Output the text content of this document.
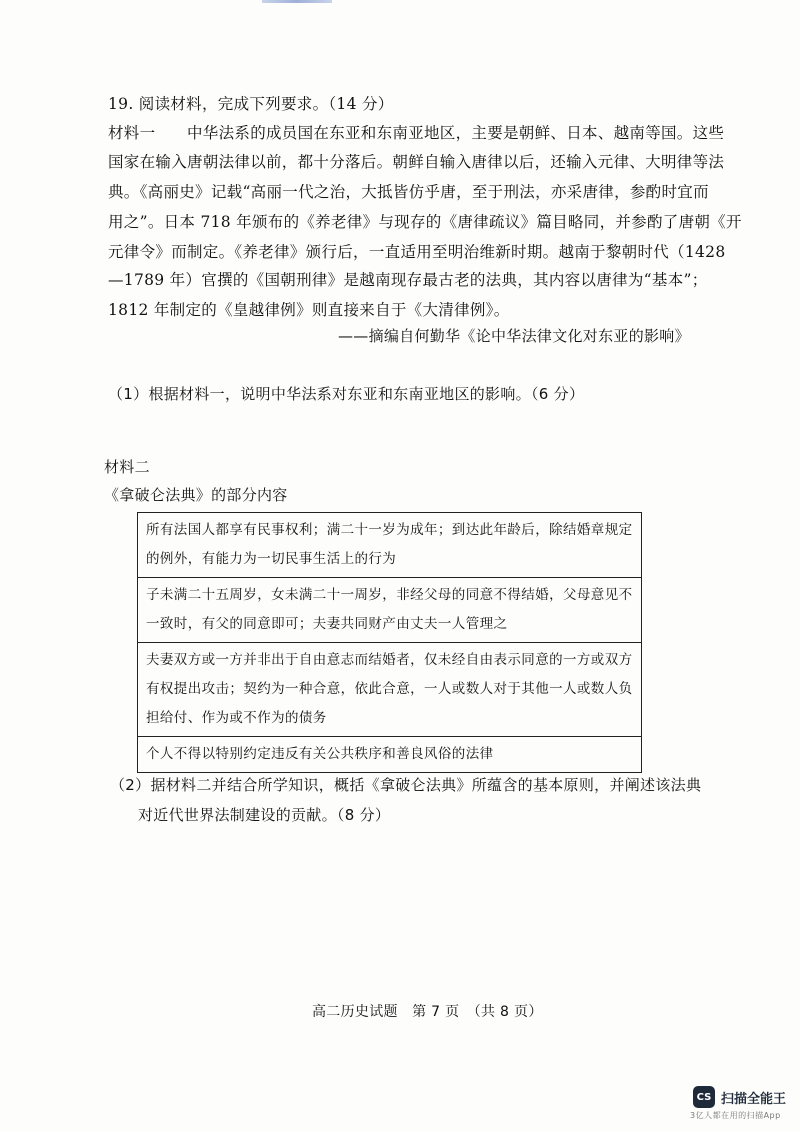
19. 阅读材料，完成下列要求。（14 分）
材料一　　中华法系的成员国在东亚和东南亚地区，主要是朝鲜、日本、越南等国。这些
国家在输入唐朝法律以前，都十分落后。朝鲜自输入唐律以后，还输入元律、大明律等法
典。《高丽史》记载“高丽一代之治，大抵皆仿乎唐，至于刑法，亦采唐律，参酌时宜而
用之”。日本 718 年颁布的《养老律》与现存的《唐律疏议》篇目略同，并参酌了唐朝《开
元律令》而制定。《养老律》颁行后，一直适用至明治维新时期。越南于黎朝时代（1428
—1789 年）官撰的《国朝刑律》是越南现存最古老的法典，其内容以唐律为“基本”；
1812 年制定的《皇越律例》则直接来自于《大清律例》。
——摘编自何勤华《论中华法律文化对东亚的影响》
（1）根据材料一，说明中华法系对东亚和东南亚地区的影响。（6 分）
材料二
《拿破仑法典》的部分内容
所有法国人都享有民事权利；满二十一岁为成年；到达此年龄后，除结婚章规定的例外，有能力为一切民事生活上的行为
子未满二十五周岁，女未满二十一周岁，非经父母的同意不得结婚，父母意见不一致时，有父的同意即可；夫妻共同财产由丈夫一人管理之
夫妻双方或一方并非出于自由意志而结婚者，仅未经自由表示同意的一方或双方有权提出攻击；契约为一种合意，依此合意，一人或数人对于其他一人或数人负担给付、作为或不作为的债务
个人不得以特别约定违反有关公共秩序和善良风俗的法律
（2）据材料二并结合所学知识，概括《拿破仑法典》所蕴含的基本原则，并阐述该法典
对近代世界法制建设的贡献。（8 分）
高二历史试题　第 7 页　（共 8 页）
CS 扫描全能王
3亿人都在用的扫描App
